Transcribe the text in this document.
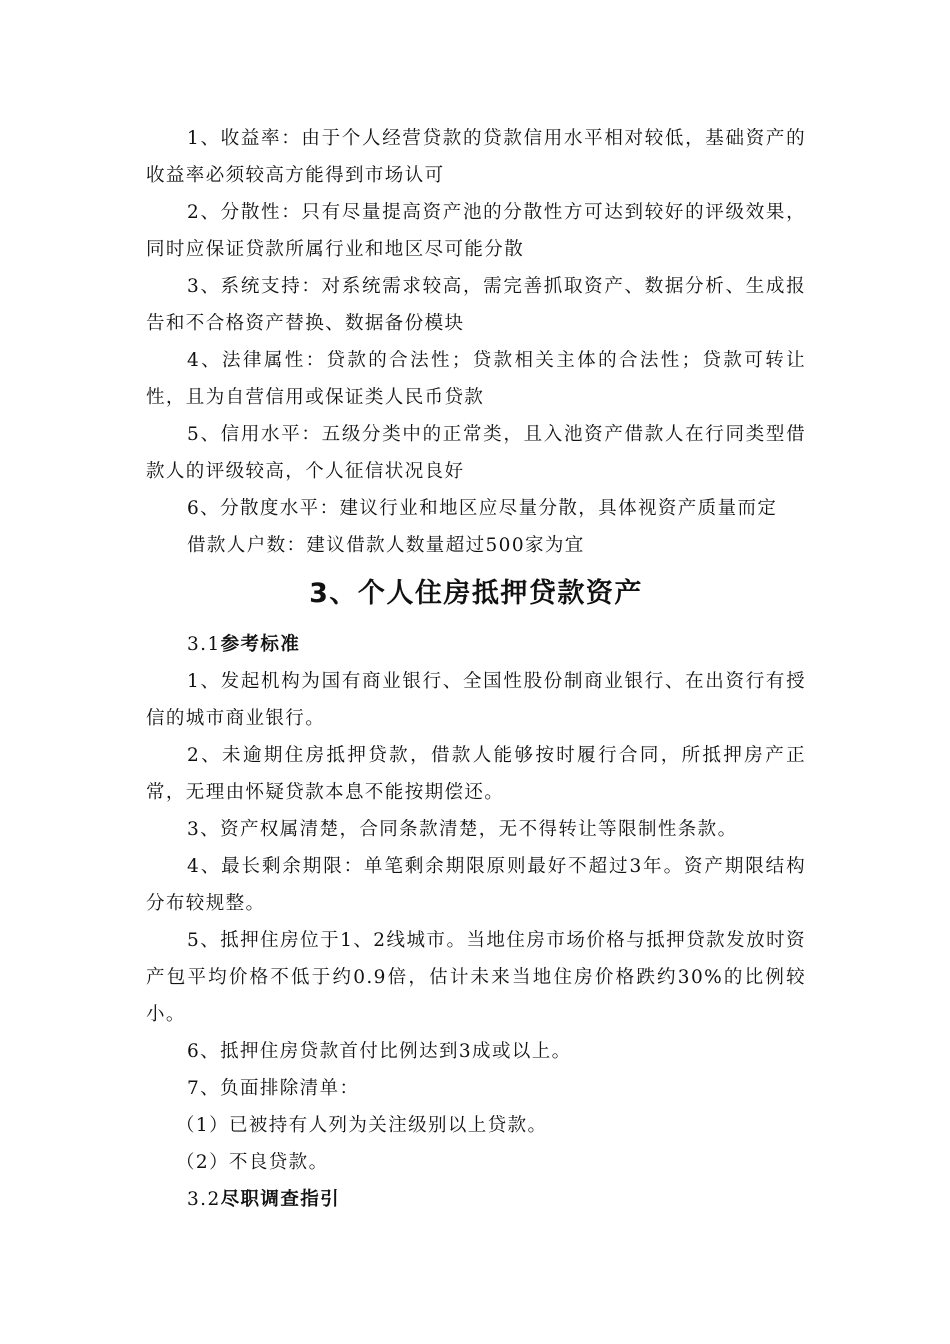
1、收益率：由于个人经营贷款的贷款信用水平相对较低，基础资产的收益率必须较高方能得到市场认可

2、分散性：只有尽量提高资产池的分散性方可达到较好的评级效果，同时应保证贷款所属行业和地区尽可能分散

3、系统支持：对系统需求较高，需完善抓取资产、数据分析、生成报告和不合格资产替换、数据备份模块

4、法律属性：贷款的合法性；贷款相关主体的合法性；贷款可转让性，且为自营信用或保证类人民币贷款

5、信用水平：五级分类中的正常类，且入池资产借款人在行同类型借款人的评级较高，个人征信状况良好

6、分散度水平：建议行业和地区应尽量分散，具体视资产质量而定

借款人户数：建议借款人数量超过500家为宜

3、个人住房抵押贷款资产

3.1参考标准

1、发起机构为国有商业银行、全国性股份制商业银行、在出资行有授信的城市商业银行。

2、未逾期住房抵押贷款，借款人能够按时履行合同，所抵押房产正常，无理由怀疑贷款本息不能按期偿还。

3、资产权属清楚，合同条款清楚，无不得转让等限制性条款。

4、最长剩余期限：单笔剩余期限原则最好不超过3年。资产期限结构分布较规整。

5、抵押住房位于1、2线城市。当地住房市场价格与抵押贷款发放时资产包平均价格不低于约0.9倍，估计未来当地住房价格跌约30%的比例较小。

6、抵押住房贷款首付比例达到3成或以上。

7、负面排除清单：

（1）已被持有人列为关注级别以上贷款。

（2）不良贷款。

3.2尽职调查指引
